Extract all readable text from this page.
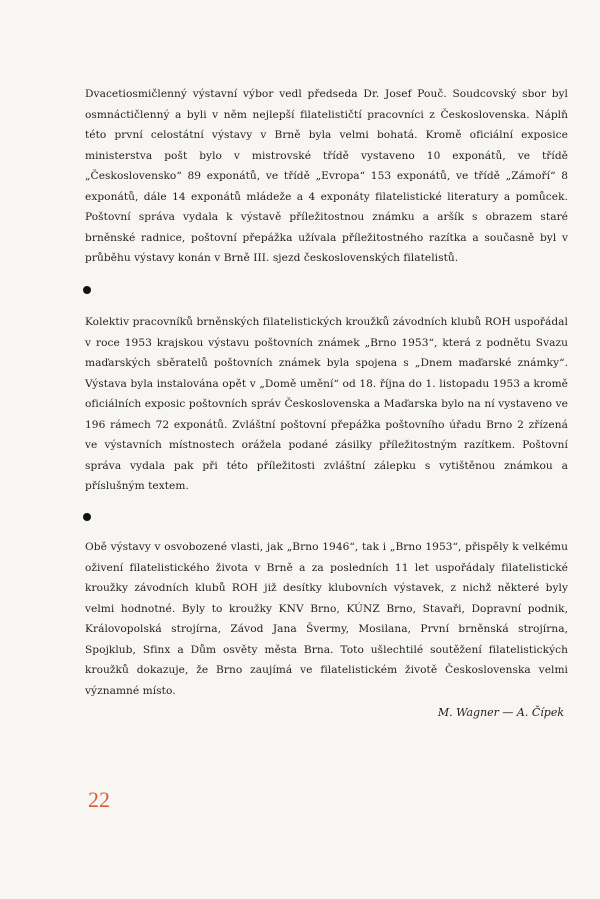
Dvacetiosmičlenný výstavní výbor vedl předseda Dr. Josef Pouč. Soudcovský sbor byl osmnáctičlenný a byli v něm nejlepší filatelističtí pracovníci z Československa. Náplň této první celostátní výstavy v Brně byla velmi bohatá. Kromě oficiální exposice ministerstva pošt bylo v mistrovské třídě vystaveno 10 exponátů, ve třídě „Československo“ 89 exponátů, ve třídě „Evropa“ 153 exponátů, ve třídě „Zámoří“ 8 exponátů, dále 14 exponátů mládeže a 4 exponáty filatelistické literatury a pomůcek. Poštovní správa vydala k výstavě příležitostnou známku a aršík s obrazem staré brněnské radnice, poštovní přepážka užívala příležitostného razítka a současně byl v průběhu výstavy konán v Brně III. sjezd československých filatelistů.

Kolektiv pracovníků brněnských filatelistických kroužků závodních klubů ROH uspořádal v roce 1953 krajskou výstavu poštovních známek „Brno 1953“, která z podnětu Svazu maďarských sběratelů poštovních známek byla spojena s „Dnem maďarské známky“. Výstava byla instalována opět v „Domě umění“ od 18. října do 1. listopadu 1953 a kromě oficiálních exposic poštovních správ Československa a Maďarska bylo na ní vystaveno ve 196 rámech 72 exponátů. Zvláštní poštovní přepážka poštovního úřadu Brno 2 zřízená ve výstavních místnostech orážela podané zásilky příležitostným razítkem. Poštovní správa vydala pak při této příležitosti zvláštní zálepku s vytištěnou známkou a příslušným textem.

Obě výstavy v osvobozené vlasti, jak „Brno 1946“, tak i „Brno 1953“, přispěly k velkému oživení filatelistického života v Brně a za posledních 11 let uspořádaly filatelistické kroužky závodních klubů ROH již desítky klubovních výstavek, z nichž některé byly velmi hodnotné. Byly to kroužky KNV Brno, KÚNZ Brno, Stavaři, Dopravní podnik, Královopolská strojírna, Závod Jana Švermy, Mosilana, První brněnská strojírna, Spojklub, Sfinx a Dům osvěty města Brna. Toto ušlechtilé soutěžení filatelistických kroužků dokazuje, že Brno zaujímá ve filatelistickém životě Československa velmi významné místo.

M. Wagner — A. Čípek

22
